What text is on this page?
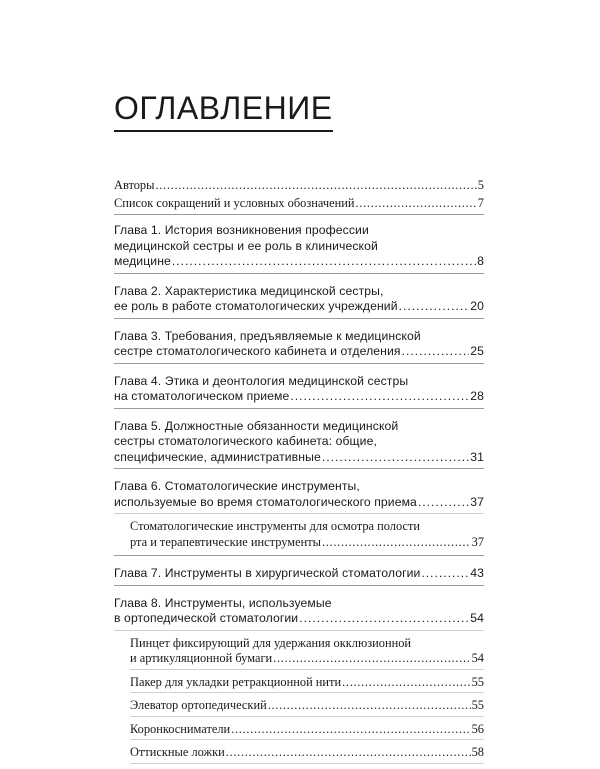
ОГЛАВЛЕНИЕ
Авторы . . .	5
Список сокращений и условных обозначений . . .	7
Глава 1. История возникновения профессии
медицинской сестры и ее роль в клинической
медицине . . .	8
Глава 2. Характеристика медицинской сестры,
ее роль в работе стоматологических учреждений . . .	20
Глава 3. Требования, предъявляемые к медицинской
сестре стоматологического кабинета и отделения . . .	25
Глава 4. Этика и деонтология медицинской сестры
на стоматологическом приеме . . .	28
Глава 5. Должностные обязанности медицинской
сестры стоматологического кабинета: общие,
специфические, административные . . .	31
Глава 6. Стоматологические инструменты,
используемые во время стоматологического приема . . .	37
Стоматологические инструменты для осмотра полости
рта и терапевтические инструменты . . .	37
Глава 7. Инструменты в хирургической стоматологии . . .	43
Глава 8. Инструменты, используемые
в ортопедической стоматологии . . .	54
Пинцет фиксирующий для удержания окклюзионной
и артикуляционной бумаги . . .	54
Пакер для укладки ретракционной нити . . .	55
Элеватор ортопедический . . .	55
Коронкосниматели . . .	56
Оттискные ложки . . .	58
